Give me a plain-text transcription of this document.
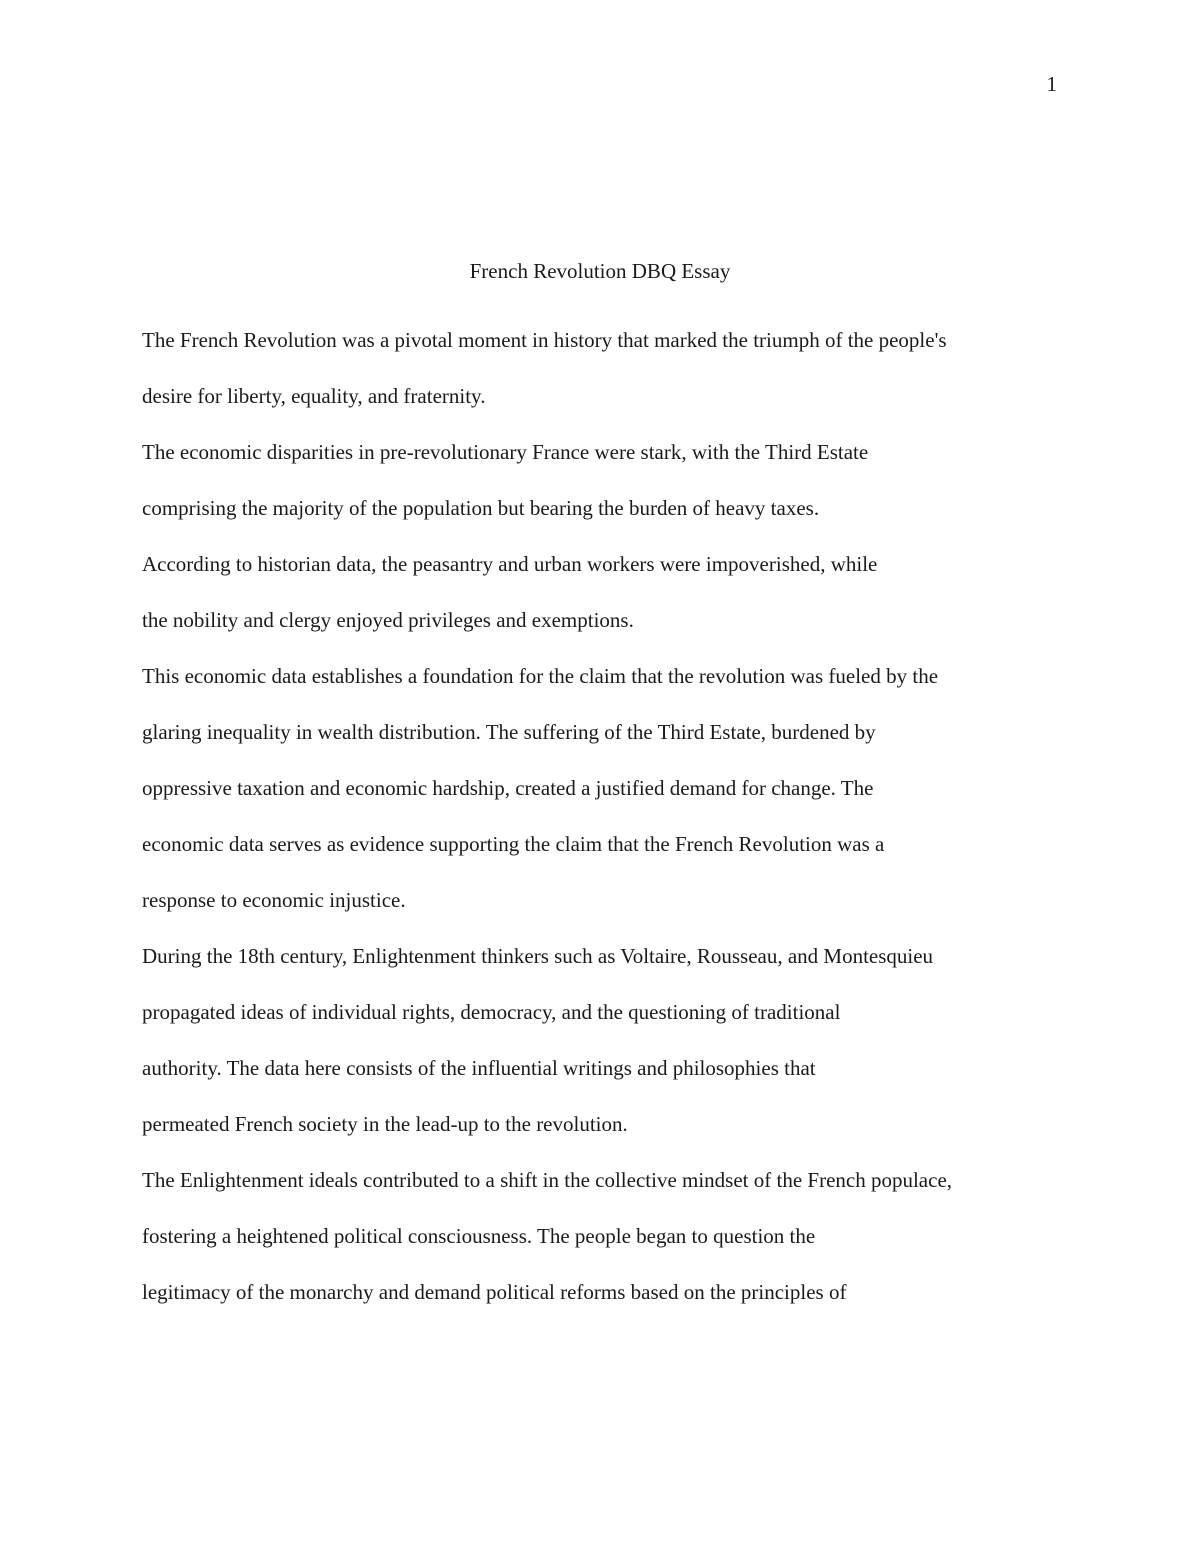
1
French Revolution DBQ Essay

The French Revolution was a pivotal moment in history that marked the triumph of the people's
desire for liberty, equality, and fraternity.

The economic disparities in pre-revolutionary France were stark, with the Third Estate
comprising the majority of the population but bearing the burden of heavy taxes.
According to historian data, the peasantry and urban workers were impoverished, while
the nobility and clergy enjoyed privileges and exemptions.

This economic data establishes a foundation for the claim that the revolution was fueled by the
glaring inequality in wealth distribution. The suffering of the Third Estate, burdened by
oppressive taxation and economic hardship, created a justified demand for change. The
economic data serves as evidence supporting the claim that the French Revolution was a
response to economic injustice.

During the 18th century, Enlightenment thinkers such as Voltaire, Rousseau, and Montesquieu
propagated ideas of individual rights, democracy, and the questioning of traditional
authority. The data here consists of the influential writings and philosophies that
permeated French society in the lead-up to the revolution.

The Enlightenment ideals contributed to a shift in the collective mindset of the French populace,
fostering a heightened political consciousness. The people began to question the
legitimacy of the monarchy and demand political reforms based on the principles of
